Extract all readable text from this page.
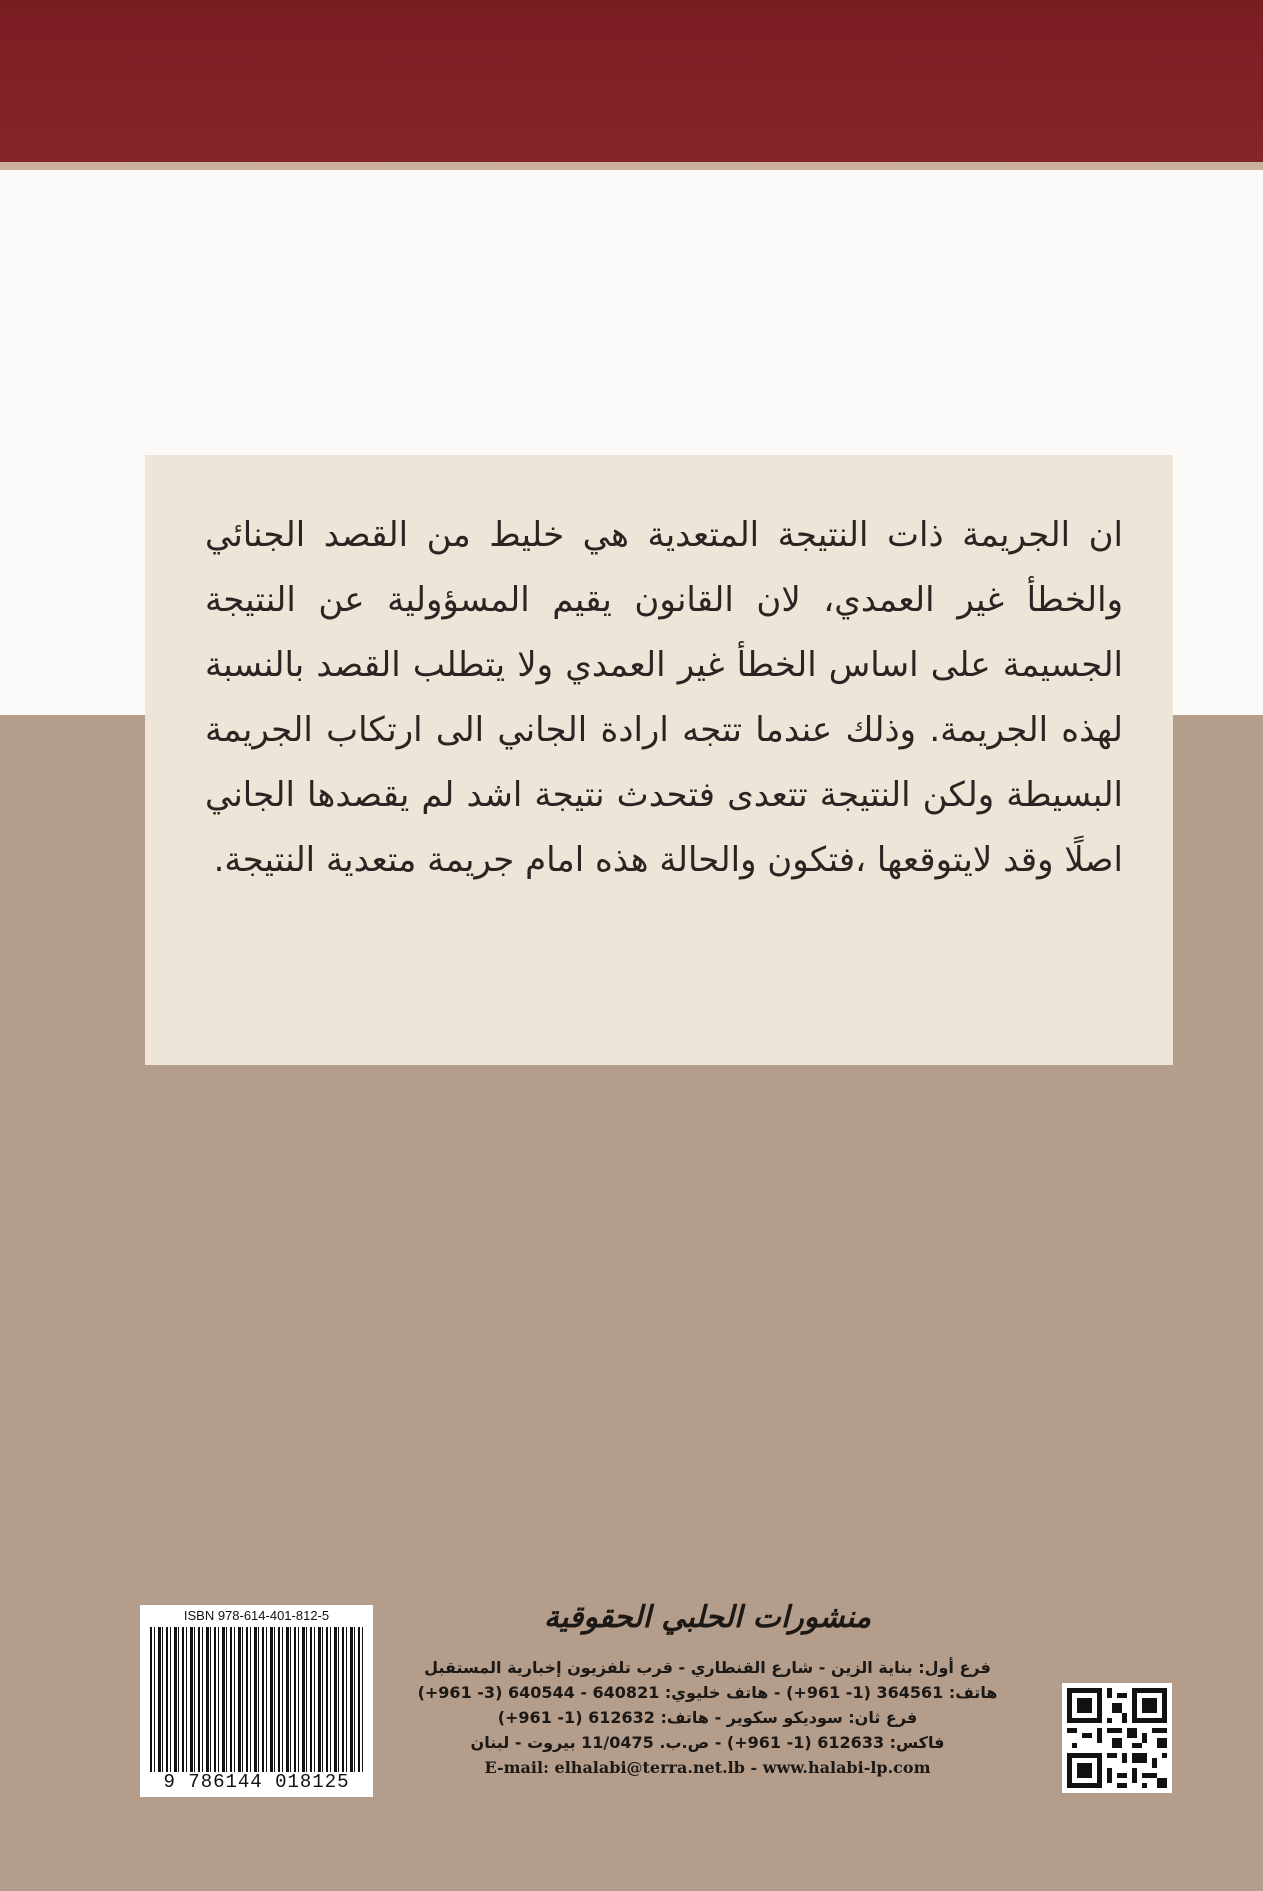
ان الجريمة ذات النتيجة المتعدية هي خليط من القصد الجنائي والخطأ غير العمدي، لان القانون يقيم المسؤولية عن النتيجة الجسيمة على اساس الخطأ غير العمدي ولا يتطلب القصد بالنسبة لهذه الجريمة. وذلك عندما تتجه ارادة الجاني الى ارتكاب الجريمة البسيطة ولكن النتيجة تتعدى فتحدث نتيجة اشد لم يقصدها الجاني اصلًا وقد لايتوقعها ،فتكون والحالة هذه امام جريمة متعدية النتيجة.

ISBN 978-614-401-812-5
9 786144 018125

منشورات الحلبي الحقوقية

فرع أول: بناية الزين - شارع القنطاري - قرب تلفزيون إخبارية المستقبل

هاتف: 364561 (1- 961+) - هاتف خليوي: 640821 - 640544 (3- 961+)

فرع ثان: سوديكو سكوير - هاتف: 612632 (1- 961+)

فاكس: 612633 (1- 961+) - ص.ب. 11/0475 بيروت - لبنان

E-mail: elhalabi@terra.net.lb - www.halabi-lp.com
